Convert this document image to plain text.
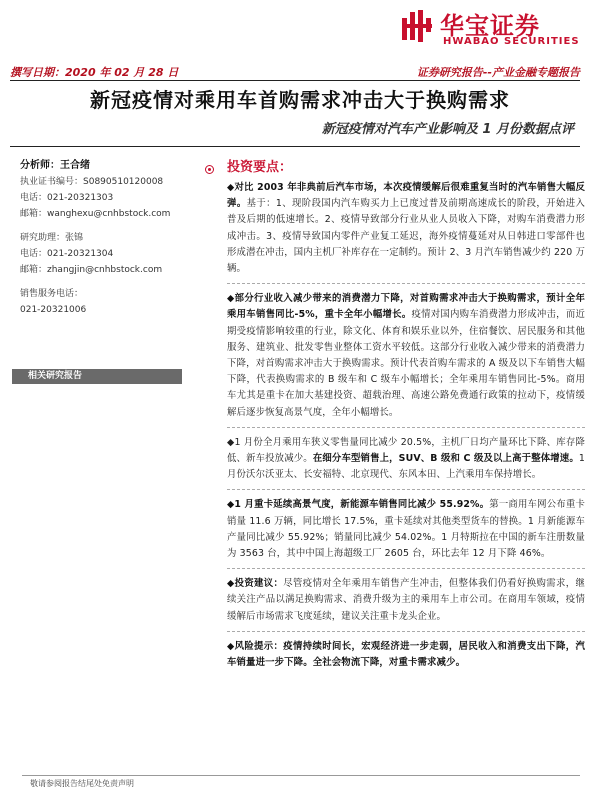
华宝证券
HWABAO SECURITIES
撰写日期：2020 年 02 月 28 日	证券研究报告--产业金融专题报告
新冠疫情对乘用车首购需求冲击大于换购需求
新冠疫情对汽车产业影响及 1 月份数据点评
分析师：王合绪
执业证书编号：S0890510120008
电话：021-20321303
邮箱：wanghexu@cnhbstock.com
研究助理：张锦
电话：021-20321304
邮箱：zhangjin@cnhbstock.com
销售服务电话：
021-20321006
相关研究报告
投资要点：

◆对比 2003 年非典前后汽车市场，本次疫情缓解后很难重复当时的汽车销售大幅反弹。基于：1、现阶段国内汽车购买力上已度过普及前期高速成长的阶段，开始进入普及后期的低速增长。2、疫情导致部分行业从业人员收入下降，对购车消费潜力形成冲击。3、疫情导致国内零件产业复工延迟，海外疫情蔓延对从日韩进口零部件也形成潜在冲击，国内主机厂补库存在一定制约。预计 2、3 月汽车销售减少约 220 万辆。

◆部分行业收入减少带来的消费潜力下降，对首购需求冲击大于换购需求，预计全年乘用车销售同比-5%，重卡全年小幅增长。疫情对国内购车消费潜力形成冲击，而近期受疫情影响较重的行业，除文化、体育和娱乐业以外，住宿餐饮、居民服务和其他服务、建筑业、批发零售业整体工资水平较低。这部分行业收入减少带来的消费潜力下降，对首购需求冲击大于换购需求。预计代表首购车需求的 A 级及以下车销售大幅下降，代表换购需求的 B 级车和 C 级车小幅增长；全年乘用车销售同比-5%。商用车尤其是重卡在加大基建投资、超载治理、高速公路免费通行政策的拉动下，疫情缓解后逐步恢复高景气度，全年小幅增长。

◆1 月份全月乘用车狭义零售量同比减少 20.5%，主机厂日均产量环比下降、库存降低、新车投放减少。在细分车型销售上，SUV、B 级和 C 级及以上高于整体增速。1 月份沃尔沃亚太、长安福特、北京现代、东风本田、上汽乘用车保持增长。

◆1 月重卡延续高景气度，新能源车销售同比减少 55.92%。第一商用车网公布重卡销量 11.6 万辆，同比增长 17.5%，重卡延续对其他类型货车的替换。1 月新能源车产量同比减少 55.92%；销量同比减少 54.02%。1 月特斯拉在中国的新车注册数量为 3563 台，其中中国上海超级工厂 2605 台，环比去年 12 月下降 46%。

◆投资建议：尽管疫情对全年乘用车销售产生冲击，但整体我们仍看好换购需求，继续关注产品以满足换购需求、消费升级为主的乘用车上市公司。在商用车领域，疫情缓解后市场需求飞度延续，建议关注重卡龙头企业。

◆风险提示：疫情持续时间长，宏观经济进一步走弱，居民收入和消费支出下降，汽车销量进一步下降。全社会物流下降，对重卡需求减少。

敬请参阅报告结尾处免责声明
